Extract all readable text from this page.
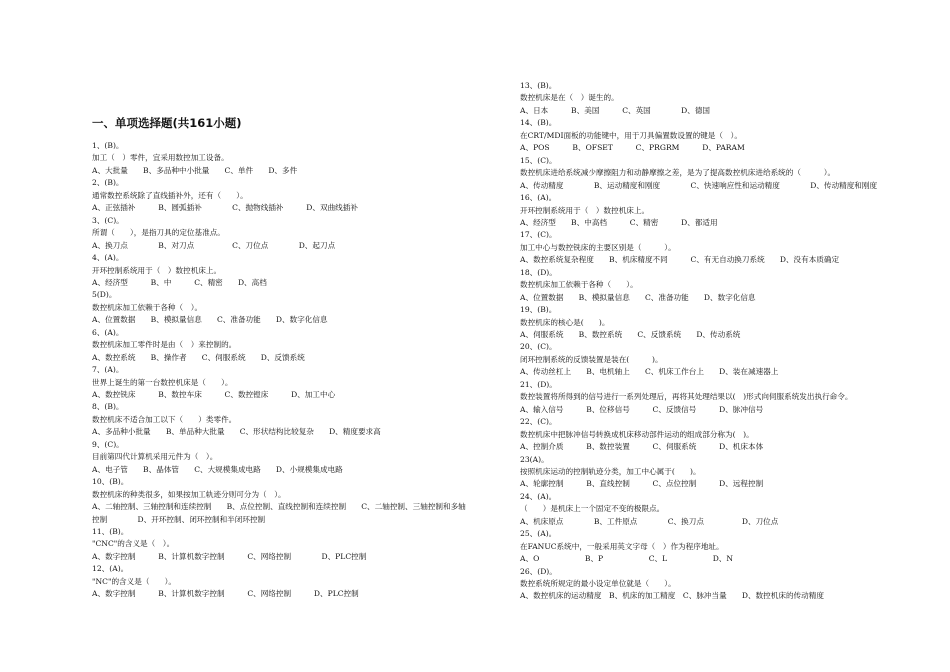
一、单项选择题(共161小题)
1、(B)。
加工（　）零件，宜采用数控加工设备。
A、大批量　　B、多品种中小批量　　C、单件　　D、多件
2、(B)。
通常数控系统除了直线插补外，还有（　　）。
A、正弦插补　　　B、圆弧插补　　　　C、抛物线插补　　　D、双曲线插补
3、(C)。
所谓（　　），是指刀具的定位基准点。
A、换刀点　　　　B、对刀点　　　　　C、刀位点　　　　D、起刀点
4、(A)。
开环控制系统用于（　）数控机床上。
A、经济型　　　B、中　　　C、精密　　D、高档
5(D)。
数控机床加工依赖于各种（　）。
A、位置数据　　B、模拟量信息　　C、准备功能　　D、数字化信息
6、(A)。
数控机床加工零件时是由（　）来控制的。
A、数控系统　　B、操作者　　C、伺服系统　　D、反馈系统
7、(A)。
世界上诞生的第一台数控机床是（　　）。
A、数控铣床　　　B、数控车床　　　C、数控镗床　　　D、加工中心
8、(B)。
数控机床不适合加工以下（　　）类零件。
A、多品种小批量　　B、单品种大批量　　C、形状结构比较复杂　　D、精度要求高
9、(C)。
目前第四代计算机采用元件为（　）。
A、电子管　　B、晶体管　　C、大规模集成电路　　D、小规模集成电路
10、(B)。
数控机床的种类很多，如果按加工轨迹分则可分为（　）。
A、二轴控制、三轴控制和连续控制　　B、点位控制、直线控制和连续控制　　C、二轴控制、三轴控制和多轴
控制　　　　D、开环控制、闭环控制和半闭环控制
11、(B)。
"CNC"的含义是（　）。
A、数字控制　　　B、计算机数字控制　　　C、网络控制　　　　D、PLC控制
12、(A)。
"NC"的含义是（　　）。
A、数字控制　　　B、计算机数字控制　　　C、网络控制　　　D、PLC控制
13、(B)。
数控机床是在（　）诞生的。
A、日本　　　B、美国　　　C、英国　　　　D、德国
14、(B)。
在CRT/MDI面板的功能键中，用于刀具偏置数设置的键是（　）。
A、POS　　　B、OFSET　　　C、PRGRM　　　D、PARAM
15、(C)。
数控机床进给系统减少摩擦阻力和动静摩擦之差，是为了提高数控机床进给系统的（　　　）。
A、传动精度　　　　B、运动精度和刚度　　　　C、快速响应性和运动精度　　　　D、传动精度和刚度
16、(A)。
开环控制系统用于（　）数控机床上。
A、经济型　　B、中高档　　　C、精密　　　D、都适用
17、(C)。
加工中心与数控铣床的主要区别是（　　　）。
A、数控系统复杂程度　　B、机床精度不同　　　C、有无自动换刀系统　　D、没有本质确定
18、(D)。
数控机床加工依赖于各种（　　）。
A、位置数据　　B、模拟量信息　　C、准备功能　　D、数字化信息
19、(B)。
数控机床的核心是(　　)。
A、伺服系统　　B、数控系统　　C、反馈系统　　D、传动系统
20、(C)。
闭环控制系统的反馈装置是装在(　　　)。
A、传动丝杠上　　B、电机轴上　　C、机床工作台上　　D、装在减速器上
21、(D)。
数控装置将所得到的信号进行一系列处理后，再将其处理结果以(　)形式向伺服系统发出执行命令。
A、输入信号　　　B、位移信号　　　C、反馈信号　　　D、脉冲信号
22、(C)。
数控机床中把脉冲信号转换成机床移动部件运动的组成部分称为(　)。
A、控制介质　　　B、数控装置　　　C、伺服系统　　　D、机床本体
23(A)。
按照机床运动的控制轨迹分类，加工中心属于(　　)。
A、轮廓控制　　　B、直线控制　　　C、点位控制　　　D、远程控制
24、(A)。
（　　）是机床上一个固定不变的极限点。
A、机床原点　　　　B、工件原点　　　　C、换刀点　　　　　D、刀位点
25、(A)。
在FANUC系统中，一般采用英文字母（　）作为程序地址。
A、O　　　　　　B、P　　　　　　C、L　　　　　　D、N
26、(D)。
数控系统所规定的最小设定单位就是（　　）。
A、数控机床的运动精度　B、机床的加工精度　C、脉冲当量　　D、数控机床的传动精度
